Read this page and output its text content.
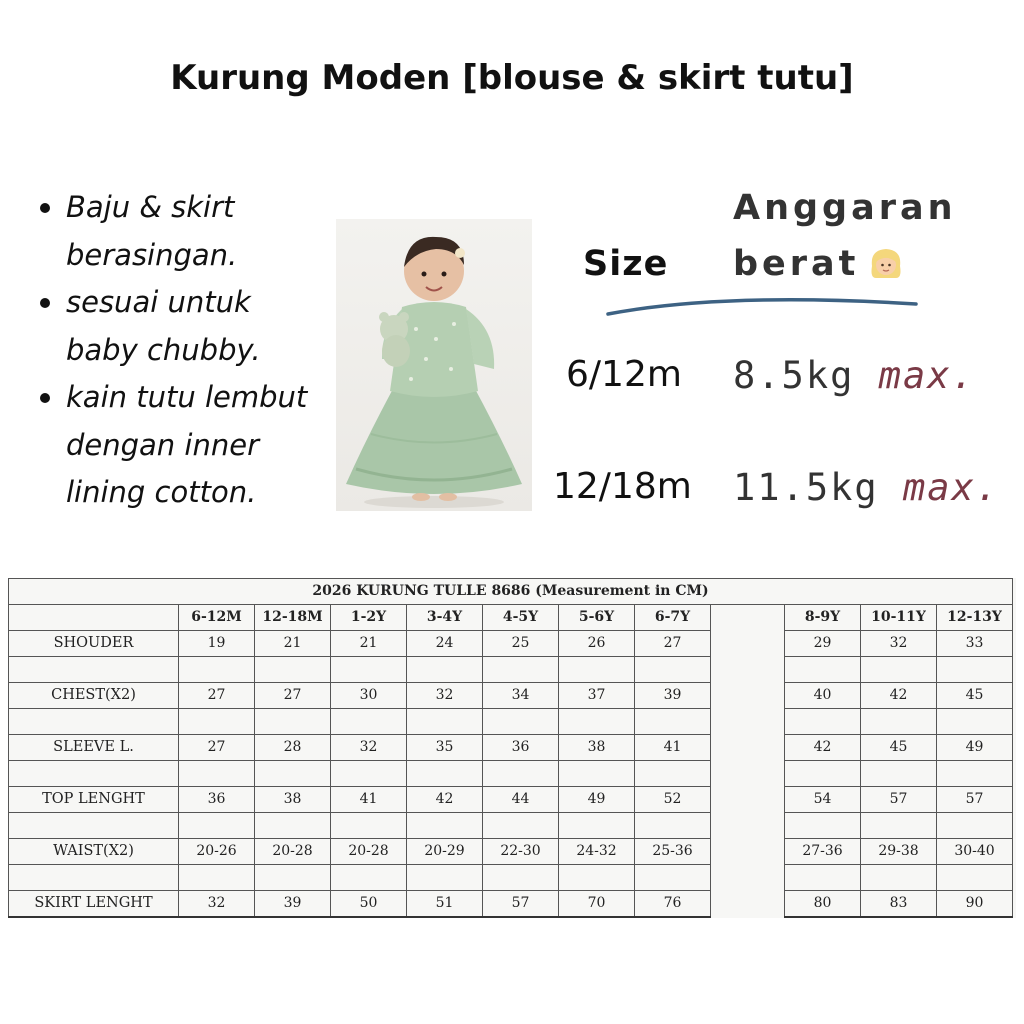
Kurung Moden [blouse & skirt tutu]
Baju & skirt berasingan.
sesuai untuk baby chubby.
kain tutu lembut dengan inner lining cotton.
Size
Anggaran
berat
6/12m 8.5kg max.
12/18m 11.5kg max.
2026 KURUNG TULLE 8686 (Measurement in CM)											
	6-12M	12-18M	1-2Y	3-4Y	4-5Y	5-6Y	6-7Y		8-9Y	10-11Y	12-13Y
SHOUDER	19	21	21	24	25	26	27		29	32	33

CHEST(X2)	27	27	30	32	34	37	39		40	42	45

SLEEVE L.	27	28	32	35	36	38	41		42	45	49

TOP LENGHT	36	38	41	42	44	49	52		54	57	57

WAIST(X2)	20-26	20-28	20-28	20-29	22-30	24-32	25-36		27-36	29-38	30-40

SKIRT LENGHT	32	39	50	51	57	70	76		80	83	90
